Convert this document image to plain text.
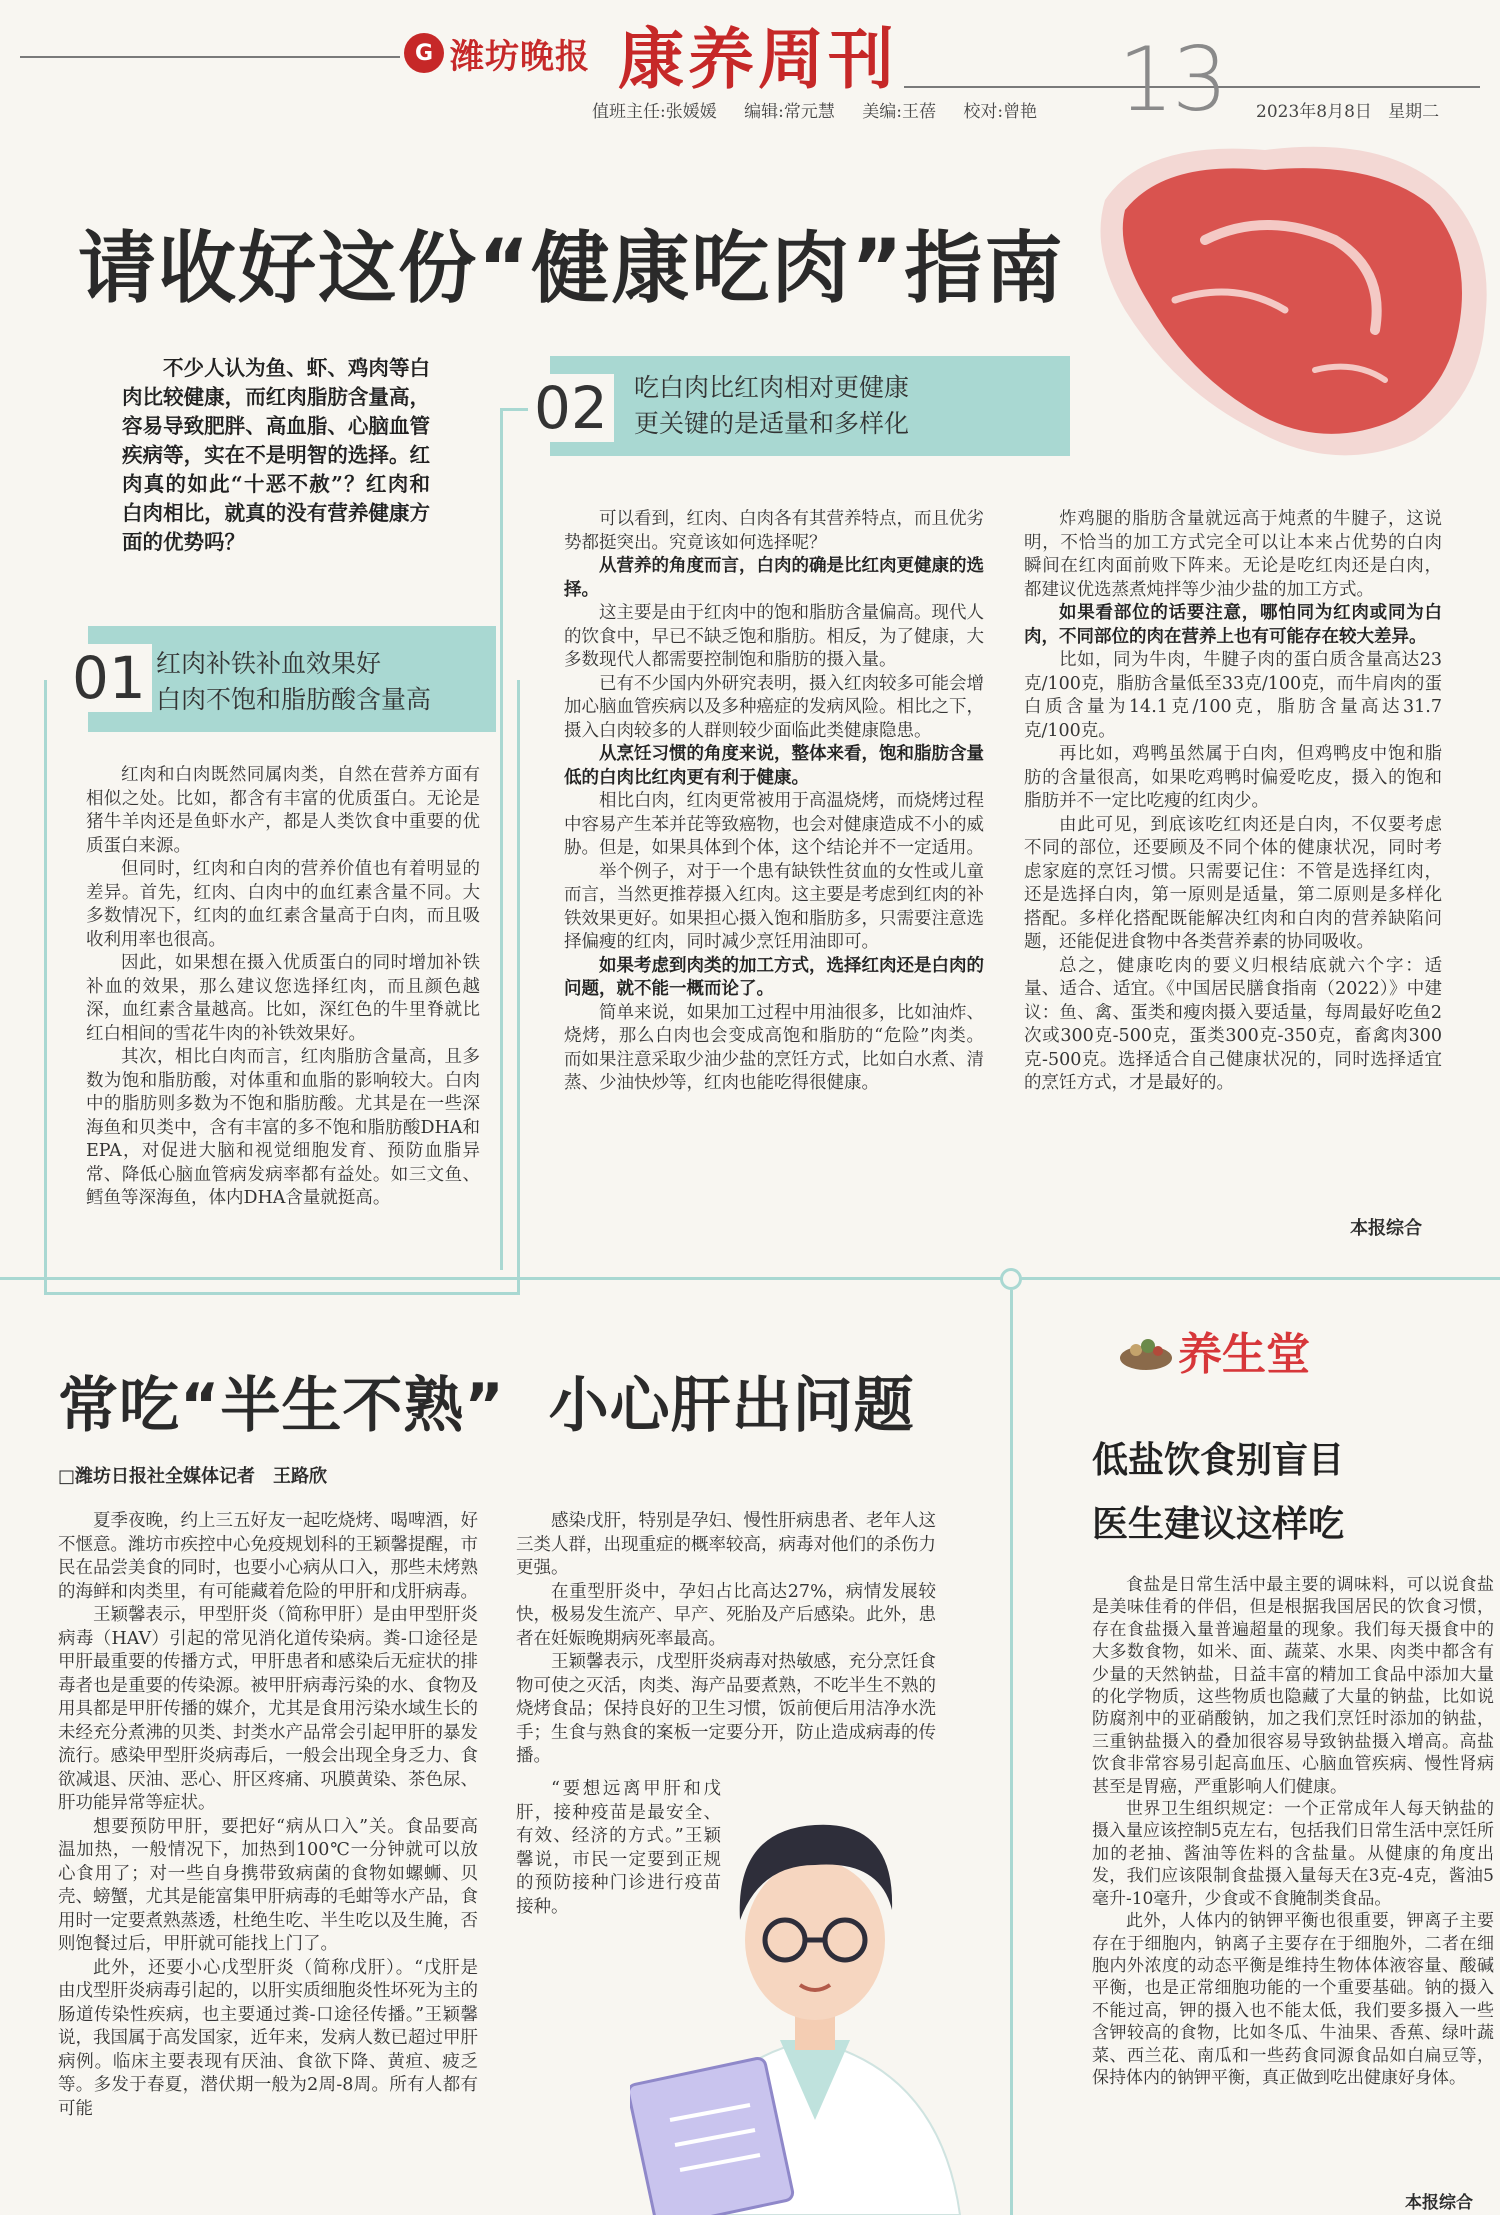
G 潍坊晚报 康养周刊	13
值班主任:张媛媛 编辑:常元慧 美编:王蓓 校对:曾艳	2023年8月8日 星期二
请收好这份“健康吃肉”指南
不少人认为鱼、虾、鸡肉等白肉比较健康，而红肉脂肪含量高，容易导致肥胖、高血脂、心脑血管疾病等，实在不是明智的选择。红肉真的如此“十恶不赦”？红肉和白肉相比，就真的没有营养健康方面的优势吗？
01 红肉补铁补血效果好
白肉不饱和脂肪酸含量高

红肉和白肉既然同属肉类，自然在营养方面有相似之处。比如，都含有丰富的优质蛋白。无论是猪牛羊肉还是鱼虾水产，都是人类饮食中重要的优质蛋白来源。

但同时，红肉和白肉的营养价值也有着明显的差异。首先，红肉、白肉中的血红素含量不同。大多数情况下，红肉的血红素含量高于白肉，而且吸收利用率也很高。

因此，如果想在摄入优质蛋白的同时增加补铁补血的效果，那么建议您选择红肉，而且颜色越深，血红素含量越高。比如，深红色的牛里脊就比红白相间的雪花牛肉的补铁效果好。

其次，相比白肉而言，红肉脂肪含量高，且多数为饱和脂肪酸，对体重和血脂的影响较大。白肉中的脂肪则多数为不饱和脂肪酸。尤其是在一些深海鱼和贝类中，含有丰富的多不饱和脂肪酸DHA和EPA，对促进大脑和视觉细胞发育、预防血脂异常、降低心脑血管病发病率都有益处。如三文鱼、鳕鱼等深海鱼，体内DHA含量就挺高。

02 吃白肉比红肉相对更健康
更关键的是适量和多样化

可以看到，红肉、白肉各有其营养特点，而且优劣势都挺突出。究竟该如何选择呢？

从营养的角度而言，白肉的确是比红肉更健康的选择。

这主要是由于红肉中的饱和脂肪含量偏高。现代人的饮食中，早已不缺乏饱和脂肪。相反，为了健康，大多数现代人都需要控制饱和脂肪的摄入量。

已有不少国内外研究表明，摄入红肉较多可能会增加心脑血管疾病以及多种癌症的发病风险。相比之下，摄入白肉较多的人群则较少面临此类健康隐患。

从烹饪习惯的角度来说，整体来看，饱和脂肪含量低的白肉比红肉更有利于健康。

相比白肉，红肉更常被用于高温烧烤，而烧烤过程中容易产生苯并芘等致癌物，也会对健康造成不小的威胁。但是，如果具体到个体，这个结论并不一定适用。

举个例子，对于一个患有缺铁性贫血的女性或儿童而言，当然更推荐摄入红肉。这主要是考虑到红肉的补铁效果更好。如果担心摄入饱和脂肪多，只需要注意选择偏瘦的红肉，同时减少烹饪用油即可。

如果考虑到肉类的加工方式，选择红肉还是白肉的问题，就不能一概而论了。

简单来说，如果加工过程中用油很多，比如油炸、烧烤，那么白肉也会变成高饱和脂肪的“危险”肉类。而如果注意采取少油少盐的烹饪方式，比如白水煮、清蒸、少油快炒等，红肉也能吃得很健康。

炸鸡腿的脂肪含量就远高于炖煮的牛腱子，这说明，不恰当的加工方式完全可以让本来占优势的白肉瞬间在红肉面前败下阵来。无论是吃红肉还是白肉，都建议优选蒸煮炖拌等少油少盐的加工方式。

如果看部位的话要注意，哪怕同为红肉或同为白肉，不同部位的肉在营养上也有可能存在较大差异。

比如，同为牛肉，牛腱子肉的蛋白质含量高达23克/100克，脂肪含量低至33克/100克，而牛肩肉的蛋白质含量为14.1克/100克，脂肪含量高达31.7克/100克。

再比如，鸡鸭虽然属于白肉，但鸡鸭皮中饱和脂肪的含量很高，如果吃鸡鸭时偏爱吃皮，摄入的饱和脂肪并不一定比吃瘦的红肉少。

由此可见，到底该吃红肉还是白肉，不仅要考虑不同的部位，还要顾及不同个体的健康状况，同时考虑家庭的烹饪习惯。只需要记住：不管是选择红肉，还是选择白肉，第一原则是适量，第二原则是多样化搭配。多样化搭配既能解决红肉和白肉的营养缺陷问题，还能促进食物中各类营养素的协同吸收。

总之，健康吃肉的要义归根结底就六个字：适量、适合、适宜。《中国居民膳食指南（2022）》中建议：鱼、禽、蛋类和瘦肉摄入要适量，每周最好吃鱼2次或300克-500克，蛋类300克-350克，畜禽肉300克-500克。选择适合自己健康状况的，同时选择适宜的烹饪方式，才是最好的。

本报综合
常吃“半生不熟”  小心肝出问题
□潍坊日报社全媒体记者　王路欣

夏季夜晚，约上三五好友一起吃烧烤、喝啤酒，好不惬意。潍坊市疾控中心免疫规划科的王颖馨提醒，市民在品尝美食的同时，也要小心病从口入，那些未烤熟的海鲜和肉类里，有可能藏着危险的甲肝和戊肝病毒。

王颖馨表示，甲型肝炎（简称甲肝）是由甲型肝炎病毒（HAV）引起的常见消化道传染病。粪-口途径是甲肝最重要的传播方式，甲肝患者和感染后无症状的排毒者也是重要的传染源。被甲肝病毒污染的水、食物及用具都是甲肝传播的媒介，尤其是食用污染水域生长的未经充分煮沸的贝类、封类水产品常会引起甲肝的暴发流行。感染甲型肝炎病毒后，一般会出现全身乏力、食欲减退、厌油、恶心、肝区疼痛、巩膜黄染、茶色尿、肝功能异常等症状。

想要预防甲肝，要把好“病从口入”关。食品要高温加热，一般情况下，加热到100℃一分钟就可以放心食用了；对一些自身携带致病菌的食物如螺蛳、贝壳、螃蟹，尤其是能富集甲肝病毒的毛蚶等水产品，食用时一定要煮熟蒸透，杜绝生吃、半生吃以及生腌，否则饱餐过后，甲肝就可能找上门了。

此外，还要小心戊型肝炎（简称戊肝）。“戊肝是由戊型肝炎病毒引起的，以肝实质细胞炎性坏死为主的肠道传染性疾病，也主要通过粪-口途径传播。”王颖馨说，我国属于高发国家，近年来，发病人数已超过甲肝病例。临床主要表现有厌油、食欲下降、黄疸、疲乏等。多发于春夏，潜伏期一般为2周-8周。所有人都有可能

感染戊肝，特别是孕妇、慢性肝病患者、老年人这三类人群，出现重症的概率较高，病毒对他们的杀伤力更强。

在重型肝炎中，孕妇占比高达27%，病情发展较快，极易发生流产、早产、死胎及产后感染。此外，患者在妊娠晚期病死率最高。

王颖馨表示，戊型肝炎病毒对热敏感，充分烹饪食物可使之灭活，肉类、海产品要煮熟，不吃半生不熟的烧烤食品；保持良好的卫生习惯，饭前便后用洁净水洗手；生食与熟食的案板一定要分开，防止造成病毒的传播。

“要想远离甲肝和戊肝，接种疫苗是最安全、有效、经济的方式。”王颖馨说，市民一定要到正规的预防接种门诊进行疫苗接种。

养生堂
低盐饮食别盲目
医生建议这样吃

食盐是日常生活中最主要的调味料，可以说食盐是美味佳肴的伴侣，但是根据我国居民的饮食习惯，存在食盐摄入量普遍超量的现象。我们每天摄食中的大多数食物，如米、面、蔬菜、水果、肉类中都含有少量的天然钠盐，日益丰富的精加工食品中添加大量的化学物质，这些物质也隐藏了大量的钠盐，比如说防腐剂中的亚硝酸钠，加之我们烹饪时添加的钠盐，三重钠盐摄入的叠加很容易导致钠盐摄入增高。高盐饮食非常容易引起高血压、心脑血管疾病、慢性肾病甚至是胃癌，严重影响人们健康。

世界卫生组织规定：一个正常成年人每天钠盐的摄入量应该控制5克左右，包括我们日常生活中烹饪所加的老抽、酱油等佐料的含盐量。从健康的角度出发，我们应该限制食盐摄入量每天在3克-4克，酱油5毫升-10毫升，少食或不食腌制类食品。

此外，人体内的钠钾平衡也很重要，钾离子主要存在于细胞内，钠离子主要存在于细胞外，二者在细胞内外浓度的动态平衡是维持生物体体液容量、酸碱平衡，也是正常细胞功能的一个重要基础。钠的摄入不能过高，钾的摄入也不能太低，我们要多摄入一些含钾较高的食物，比如冬瓜、牛油果、香蕉、绿叶蔬菜、西兰花、南瓜和一些药食同源食品如白扁豆等，保持体内的钠钾平衡，真正做到吃出健康好身体。

本报综合
